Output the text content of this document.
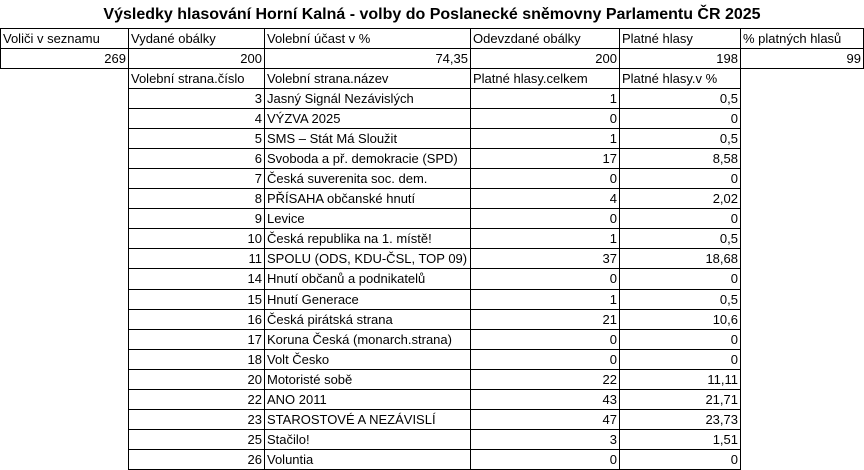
Výsledky hlasování Horní Kalná - volby do Poslanecké sněmovny Parlamentu ČR 2025
Voliči v seznamu	Vydané obálky	Volební účast v %	Odevzdané obálky	Platné hlasy	% platných hlasů
269	200	74,35	200	198	99
Volební strana.číslo	Volební strana.název	Platné hlasy.celkem	Platné hlasy.v %
3 Jasný Signál Nezávislých	1	0,5
4 VÝZVA 2025	0	0
5 SMS – Stát Má Sloužit	1	0,5
6 Svoboda a př. demokracie (SPD)	17	8,58
7 Česká suverenita soc. dem.	0	0
8 PŘÍSAHA občanské hnutí	4	2,02
9 Levice	0	0
10 Česká republika na 1. místě!	1	0,5
11 SPOLU (ODS, KDU-ČSL, TOP 09)	37	18,68
14 Hnutí občanů a podnikatelů	0	0
15 Hnutí Generace	1	0,5
16 Česká pirátská strana	21	10,6
17 Koruna Česká (monarch.strana)	0	0
18 Volt Česko	0	0
20 Motoristé sobě	22	11,11
22 ANO 2011	43	21,71
23 STAROSTOVÉ A NEZÁVISLÍ	47	23,73
25 Stačilo!	3	1,51
26 Voluntia	0	0
